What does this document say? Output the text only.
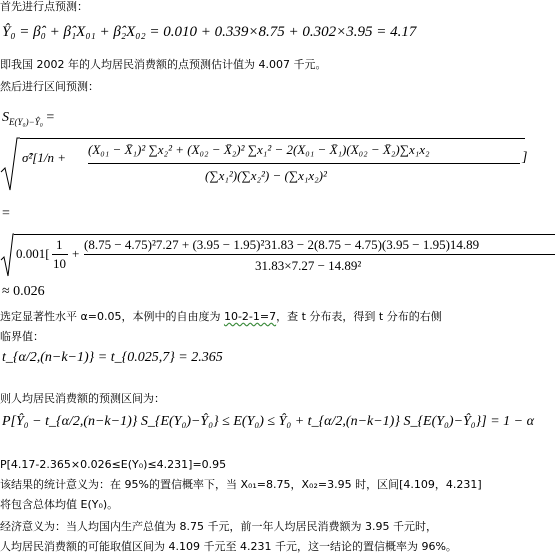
首先进行点预测：
Ŷ₀ = β̂₀ + β̂₁X₀₁ + β̂₂X₀₂ = 0.010 + 0.339×8.75 + 0.302×3.95 = 4.17
即我国 2002 年的人均居民消费额的点预测估计值为 4.007 千元。
然后进行区间预测：
$S_{E(Y_0)-Ŷ_0}$ =
σ̂²[1/n +
(X₀₁ − X̄₁)² ∑x₂² + (X₀₂ − X̄₂)² ∑x₁² − 2(X₀₁ − X̄₁)(X₀₂ − X̄₂)∑x₁x₂
(∑x₁²)(∑x₂²) − (∑x₁x₂)²
]
=
0.001[
1
10
+
(8.75 − 4.75)²7.27 + (3.95 − 1.95)²31.83 − 2(8.75 − 4.75)(3.95 − 1.95)14.89
31.83×7.27 − 14.89²
≈ 0.026
选定显著性水平 α=0.05，本例中的自由度为 10-2-1=7，查 t 分布表，得到 t 分布的右侧
临界值：
t_{α/2,(n−k−1)} = t_{0.025,7} = 2.365
则人均居民消费额的预测区间为：
P[Ŷ₀ − t_{α/2,(n−k−1)} S_{E(Y₀)−Ŷ₀} ≤ E(Y₀) ≤ Ŷ₀ + t_{α/2,(n−k−1)} S_{E(Y₀)−Ŷ₀}] = 1 − α
P[4.17-2.365×0.026≤E(Y₀)≤4.231]=0.95
该结果的统计意义为：在 95%的置信概率下，当 X₀₁=8.75，X₀₂=3.95 时，区间[4.109，4.231]
将包含总体均值 E(Y₀)。
经济意义为：当人均国内生产总值为 8.75 千元，前一年人均居民消费额为 3.95 千元时，
人均居民消费额的可能取值区间为 4.109 千元至 4.231 千元，这一结论的置信概率为 96%。
